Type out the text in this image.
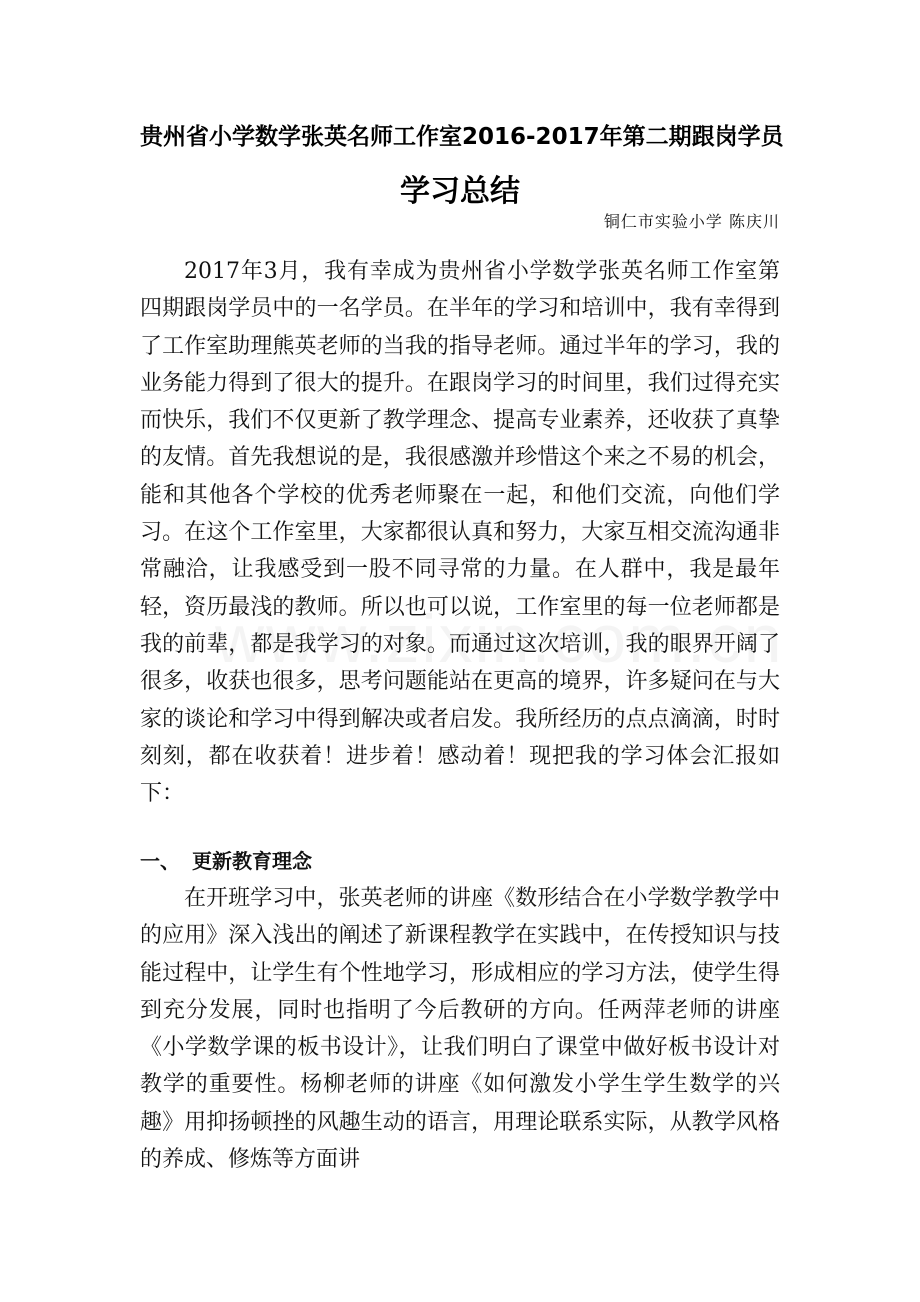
贵州省小学数学张英名师工作室2016-2017年第二期跟岗学员
学习总结
铜仁市实验小学 陈庆川
2017年3月，我有幸成为贵州省小学数学张英名师工作室第四期跟岗学员中的一名学员。在半年的学习和培训中，我有幸得到了工作室助理熊英老师的当我的指导老师。通过半年的学习，我的业务能力得到了很大的提升。在跟岗学习的时间里，我们过得充实而快乐，我们不仅更新了教学理念、提高专业素养，还收获了真挚的友情。首先我想说的是，我很感激并珍惜这个来之不易的机会，能和其他各个学校的优秀老师聚在一起，和他们交流，向他们学习。在这个工作室里，大家都很认真和努力，大家互相交流沟通非常融洽，让我感受到一股不同寻常的力量。在人群中，我是最年轻，资历最浅的教师。所以也可以说，工作室里的每一位老师都是我的前辈，都是我学习的对象。而通过这次培训，我的眼界开阔了很多，收获也很多，思考问题能站在更高的境界，许多疑问在与大家的谈论和学习中得到解决或者启发。我所经历的点点滴滴，时时刻刻，都在收获着！进步着！感动着！现把我的学习体会汇报如下：
一、 更新教育理念
在开班学习中，张英老师的讲座《数形结合在小学数学教学中的应用》深入浅出的阐述了新课程教学在实践中，在传授知识与技能过程中，让学生有个性地学习，形成相应的学习方法，使学生得到充分发展，同时也指明了今后教研的方向。任两萍老师的讲座《小学数学课的板书设计》，让我们明白了课堂中做好板书设计对教学的重要性。杨柳老师的讲座《如何激发小学生学生数学的兴趣》用抑扬顿挫的风趣生动的语言，用理论联系实际，从教学风格的养成、修炼等方面讲
